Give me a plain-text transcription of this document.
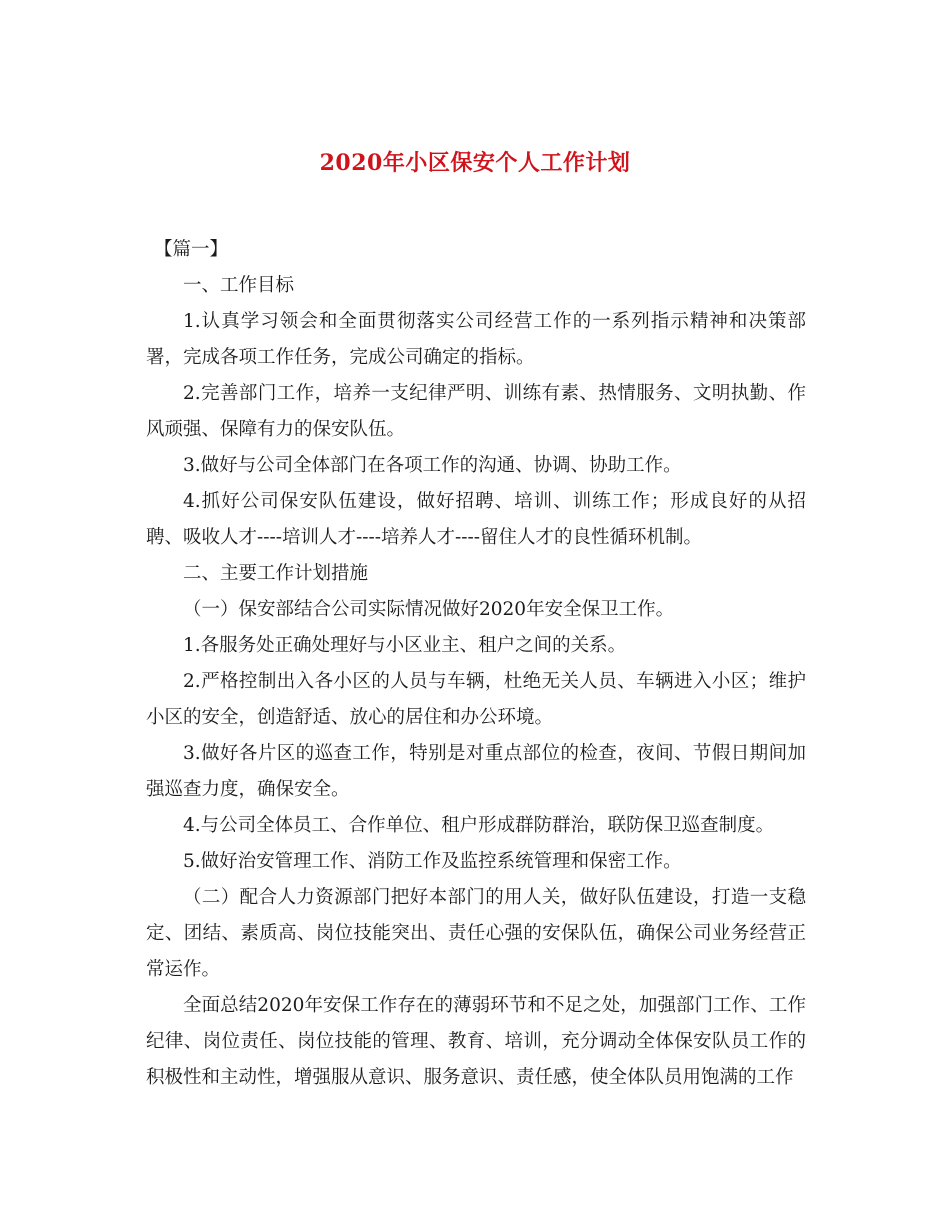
2020年小区保安个人工作计划

【篇一】

一、工作目标

1.认真学习领会和全面贯彻落实公司经营工作的一系列指示精神和决策部署，完成各项工作任务，完成公司确定的指标。

2.完善部门工作，培养一支纪律严明、训练有素、热情服务、文明执勤、作风顽强、保障有力的保安队伍。

3.做好与公司全体部门在各项工作的沟通、协调、协助工作。

4.抓好公司保安队伍建设，做好招聘、培训、训练工作；形成良好的从招聘、吸收人才----培训人才----培养人才----留住人才的良性循环机制。

二、主要工作计划措施

（一）保安部结合公司实际情况做好2020年安全保卫工作。

1.各服务处正确处理好与小区业主、租户之间的关系。

2.严格控制出入各小区的人员与车辆，杜绝无关人员、车辆进入小区；维护小区的安全，创造舒适、放心的居住和办公环境。

3.做好各片区的巡查工作，特别是对重点部位的检查，夜间、节假日期间加强巡查力度，确保安全。

4.与公司全体员工、合作单位、租户形成群防群治，联防保卫巡查制度。

5.做好治安管理工作、消防工作及监控系统管理和保密工作。

（二）配合人力资源部门把好本部门的用人关，做好队伍建设，打造一支稳定、团结、素质高、岗位技能突出、责任心强的安保队伍，确保公司业务经营正常运作。

全面总结2020年安保工作存在的薄弱环节和不足之处，加强部门工作、工作纪律、岗位责任、岗位技能的管理、教育、培训，充分调动全体保安队员工作的积极性和主动性，增强服从意识、服务意识、责任感，使全体队员用饱满的工作
